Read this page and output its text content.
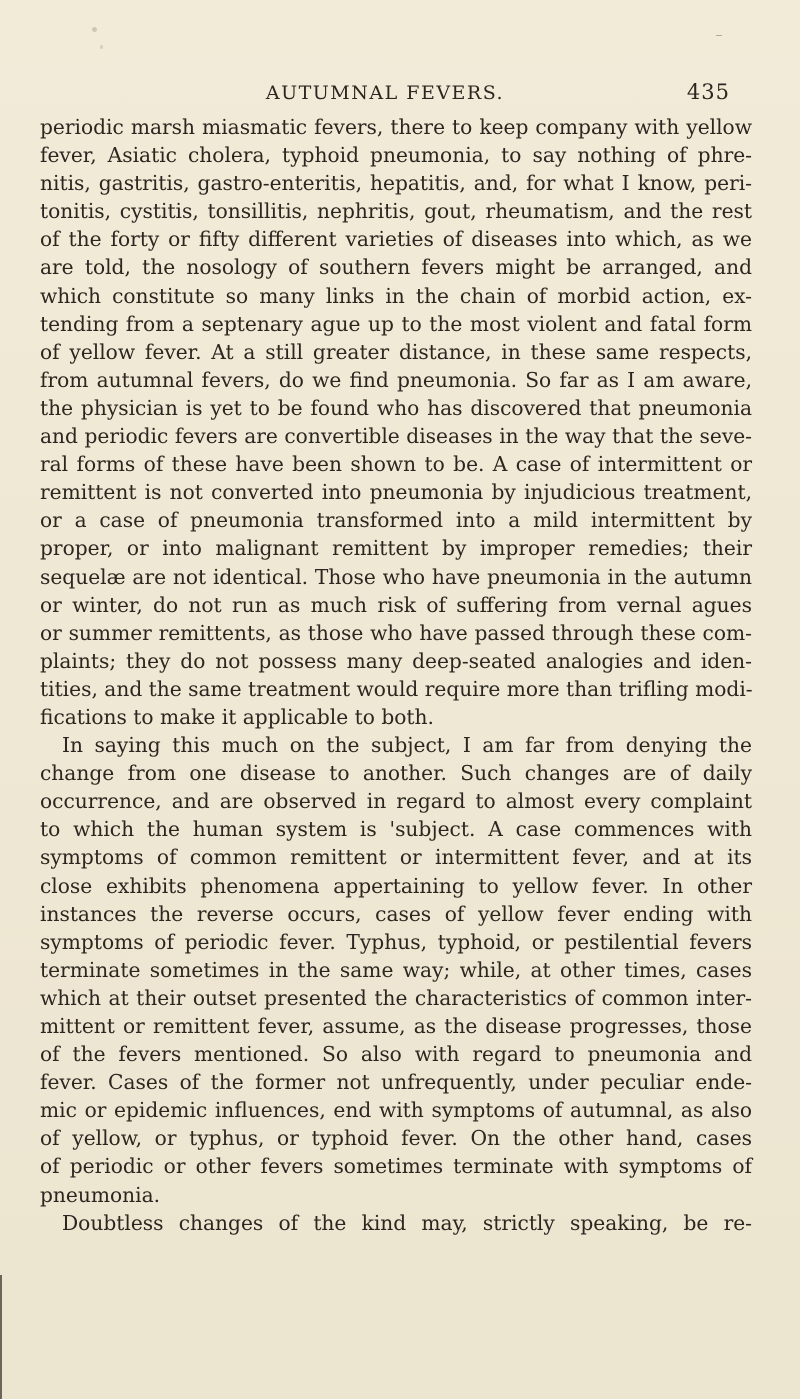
AUTUMNAL FEVERS.	435
periodic marsh miasmatic fevers, there to keep company with yellow
fever, Asiatic cholera, typhoid pneumonia, to say nothing of phre-
nitis, gastritis, gastro-enteritis, hepatitis, and, for what I know, peri-
tonitis, cystitis, tonsillitis, nephritis, gout, rheumatism, and the rest
of the forty or fifty different varieties of diseases into which, as we
are told, the nosology of southern fevers might be arranged, and
which constitute so many links in the chain of morbid action, ex-
tending from a septenary ague up to the most violent and fatal form
of yellow fever. At a still greater distance, in these same respects,
from autumnal fevers, do we find pneumonia. So far as I am aware,
the physician is yet to be found who has discovered that pneumonia
and periodic fevers are convertible diseases in the way that the seve-
ral forms of these have been shown to be. A case of intermittent or
remittent is not converted into pneumonia by injudicious treatment,
or a case of pneumonia transformed into a mild intermittent by
proper, or into malignant remittent by improper remedies; their
sequelæ are not identical. Those who have pneumonia in the autumn
or winter, do not run as much risk of suffering from vernal agues
or summer remittents, as those who have passed through these com-
plaints; they do not possess many deep-seated analogies and iden-
tities, and the same treatment would require more than trifling modi-
fications to make it applicable to both.
In saying this much on the subject, I am far from denying the
change from one disease to another. Such changes are of daily
occurrence, and are observed in regard to almost every complaint
to which the human system is 'subject. A case commences with
symptoms of common remittent or intermittent fever, and at its
close exhibits phenomena appertaining to yellow fever. In other
instances the reverse occurs, cases of yellow fever ending with
symptoms of periodic fever. Typhus, typhoid, or pestilential fevers
terminate sometimes in the same way; while, at other times, cases
which at their outset presented the characteristics of common inter-
mittent or remittent fever, assume, as the disease progresses, those
of the fevers mentioned. So also with regard to pneumonia and
fever. Cases of the former not unfrequently, under peculiar ende-
mic or epidemic influences, end with symptoms of autumnal, as also
of yellow, or typhus, or typhoid fever. On the other hand, cases
of periodic or other fevers sometimes terminate with symptoms of
pneumonia.
Doubtless changes of the kind may, strictly speaking, be re-
